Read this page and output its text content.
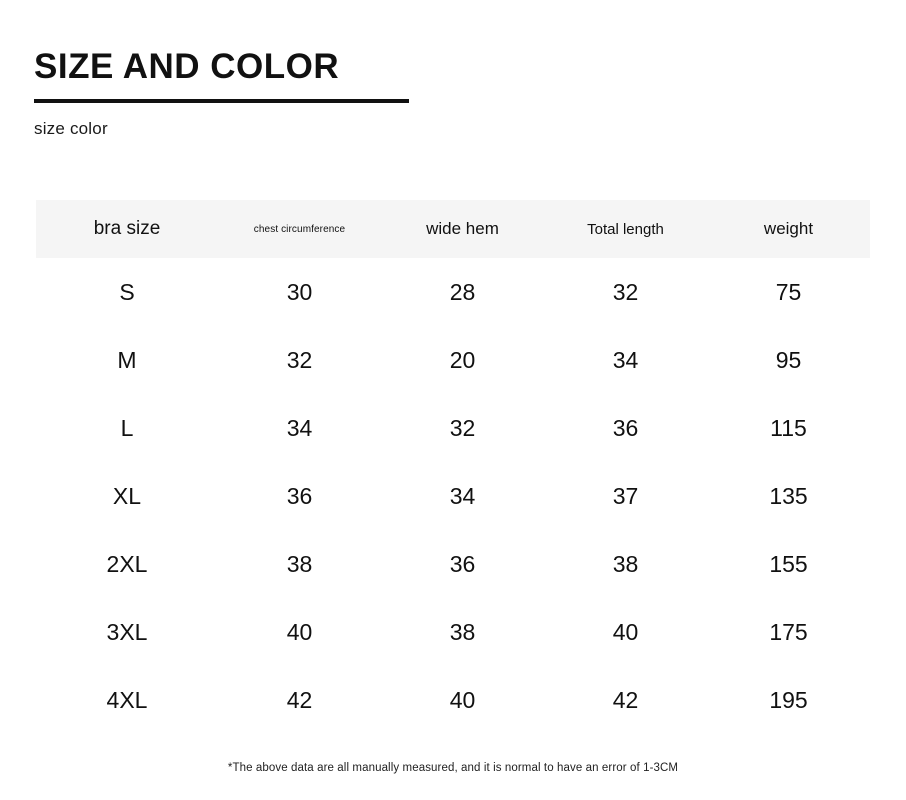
SIZE AND COLOR

size color

bra size	chest circumference	wide hem	Total length	weight
S	30	28	32	75
M	32	20	34	95
L	34	32	36	115
XL	36	34	37	135
2XL	38	36	38	155
3XL	40	38	40	175
4XL	42	40	42	195
*The above data are all manually measured, and it is normal to have an error of 1-3CM
